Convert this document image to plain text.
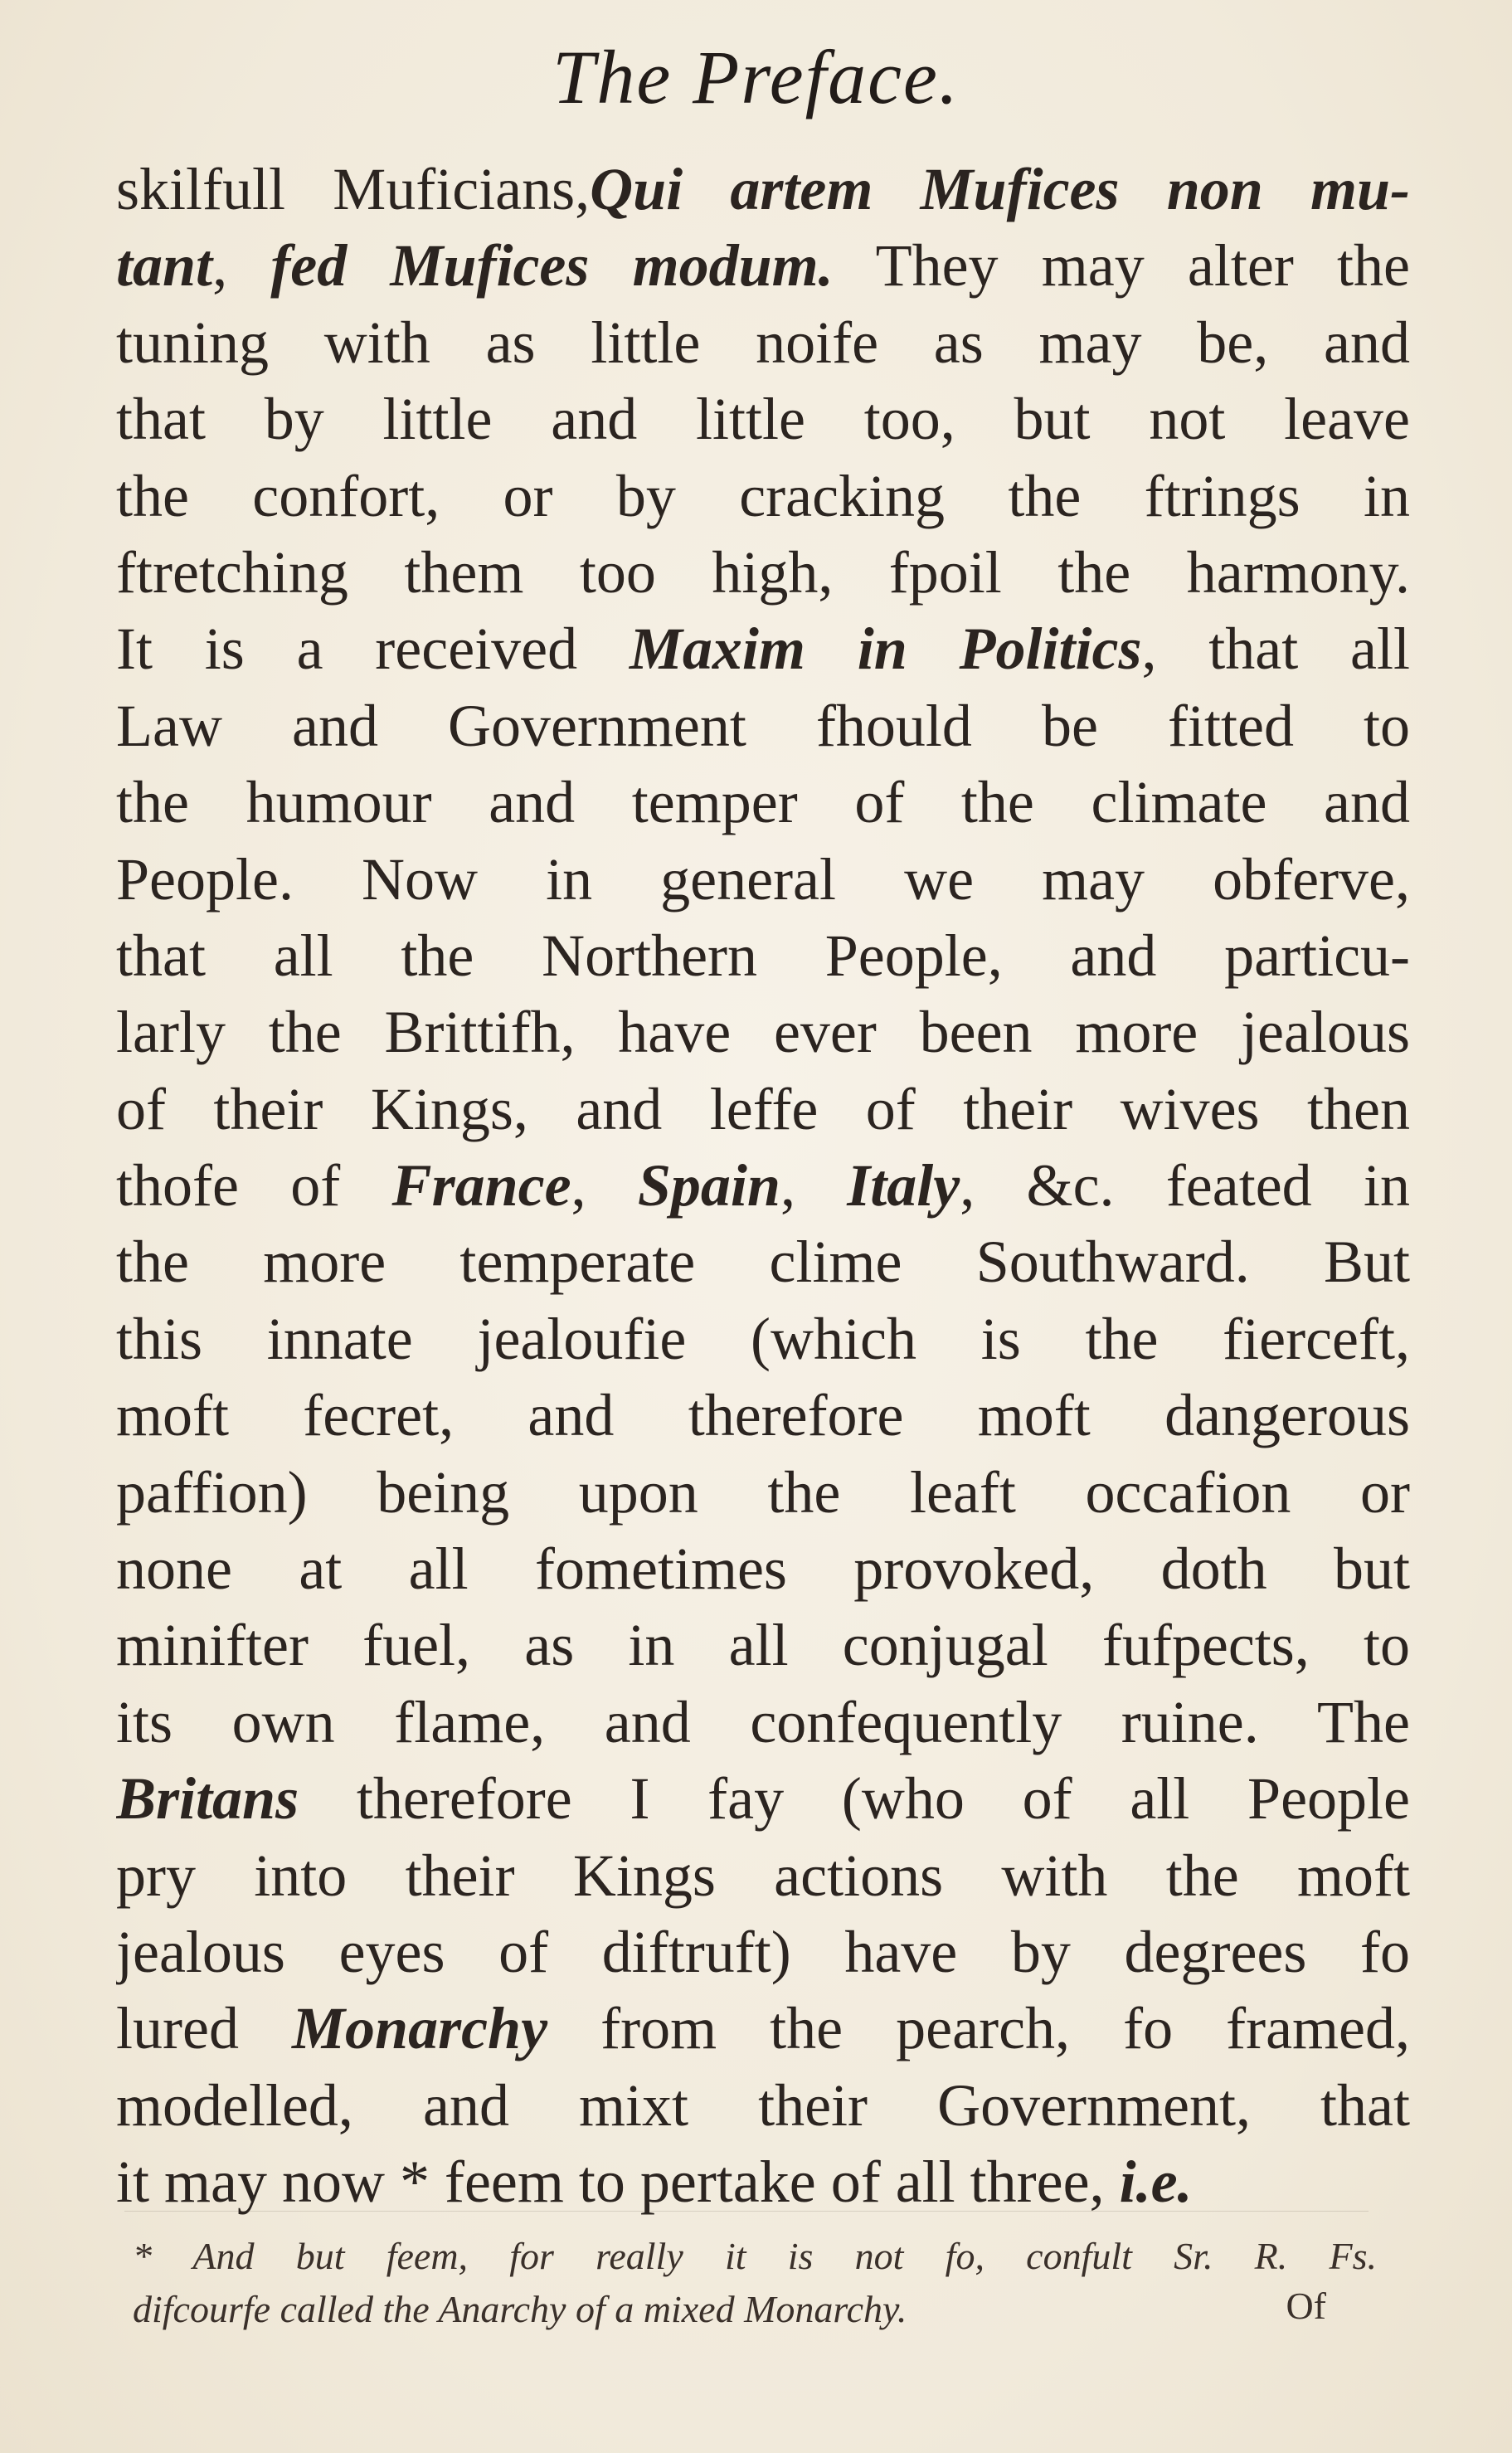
The Preface.
skilfull Muficians,Qui artem Mufices non mu-
tant, fed Mufices modum. They may alter the
tuning with as little noife as may be, and
that by little and little too, but not leave
the confort, or by cracking the ftrings in
ftretching them too high, fpoil the harmony.
It is a received Maxim in Politics, that all
Law and Government fhould be fitted to
the humour and temper of the climate and
People. Now in general we may obferve,
that all the Northern People, and particu-
larly the Brittifh, have ever been more jealous
of their Kings, and leffe of their wives then
thofe of France, Spain, Italy, &c. feated in
the more temperate clime Southward. But
this innate jealoufie (which is the fierceft,
moft fecret, and therefore moft dangerous
paffion) being upon the leaft occafion or
none at all fometimes provoked, doth but
minifter fuel, as in all conjugal fufpects, to
its own flame, and confequently ruine. The
Britans therefore I fay (who of all People
pry into their Kings actions with the moft
jealous eyes of diftruft) have by degrees fo
lured Monarchy from the pearch, fo framed,
modelled, and mixt their Government, that
it may now * feem to pertake of all three, i.e.
* And but feem, for really it is not fo, confult Sr. R. Fs.
difcourfe called the Anarchy of a mixed Monarchy.	Of
